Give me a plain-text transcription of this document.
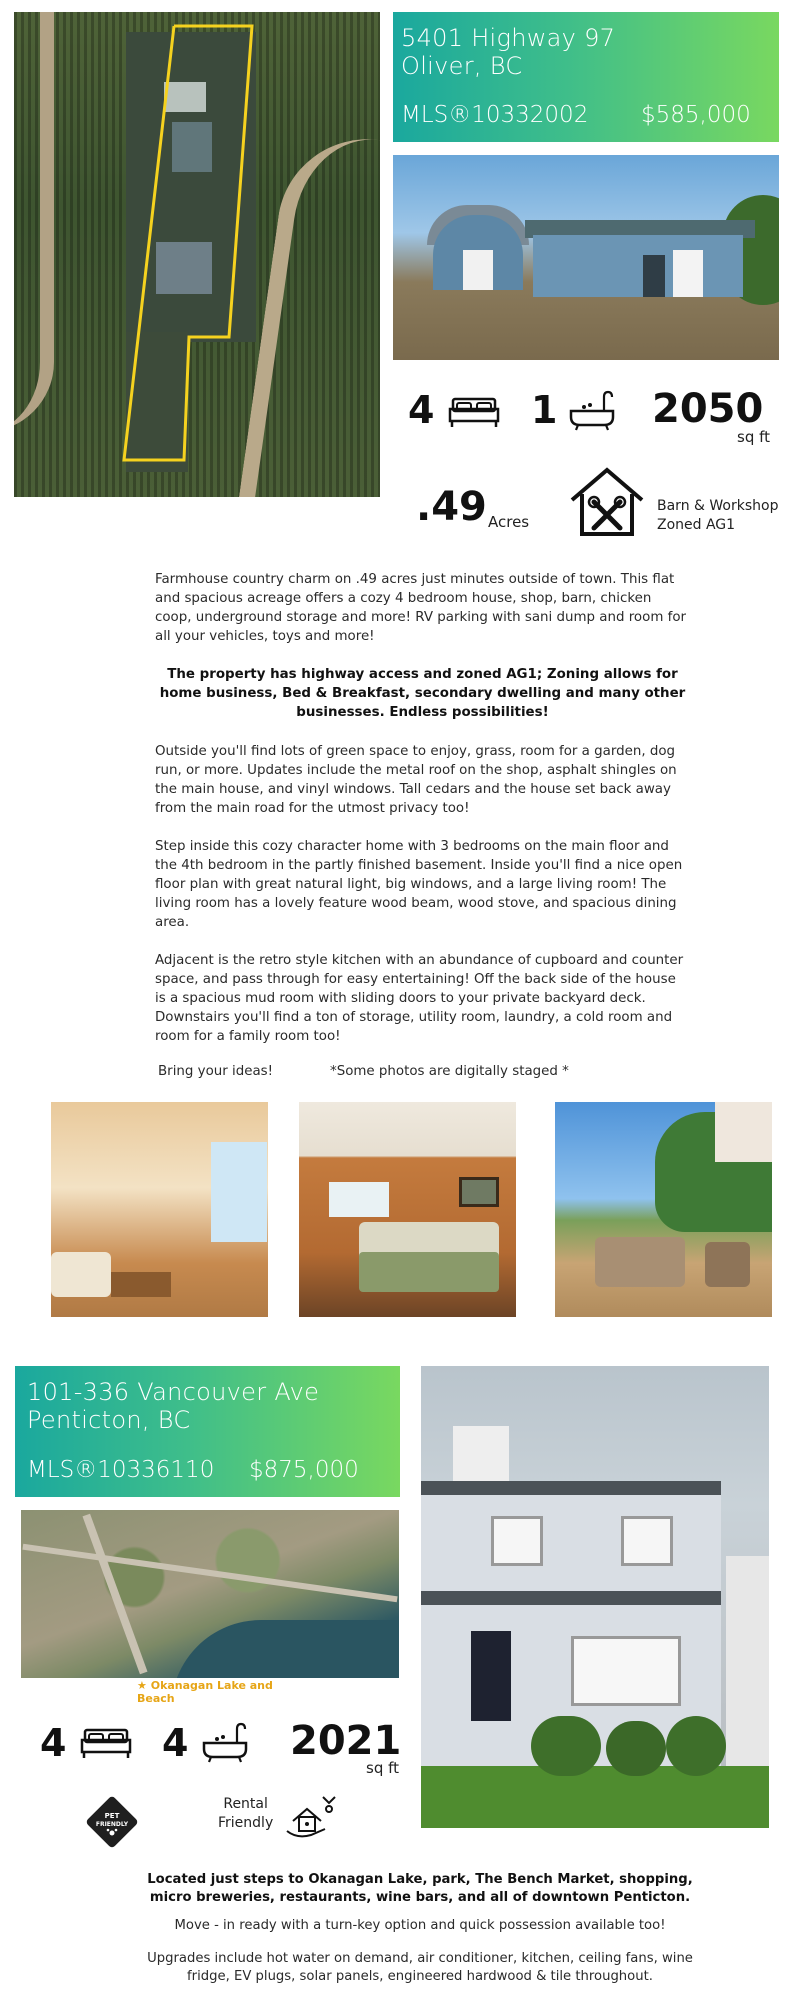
5401 Highway 97
Oliver, BC
MLS®10332002 $585,000
4	1 2050
sq ft
.49 Acres
Barn & Workshop
Zoned AG1
Farmhouse country charm on .49 acres just minutes outside of town. This flat and spacious acreage offers a cozy 4 bedroom house, shop, barn, chicken coop, underground storage and more! RV parking with sani dump and room for all your vehicles, toys and more!
The property has highway access and zoned AG1; Zoning allows for home business, Bed & Breakfast, secondary dwelling and many other businesses. Endless possibilities!
Outside you'll find lots of green space to enjoy, grass, room for a garden, dog run, or more. Updates include the metal roof on the shop, asphalt shingles on the main house, and vinyl windows. Tall cedars and the house set back away from the main road for the utmost privacy too!
Step inside this cozy character home with 3 bedrooms on the main floor and the 4th bedroom in the partly finished basement. Inside you'll find a nice open floor plan with great natural light, big windows, and a large living room! The living room has a lovely feature wood beam, wood stove, and spacious dining area.
Adjacent is the retro style kitchen with an abundance of cupboard and counter space, and pass through for easy entertaining! Off the back side of the house is a spacious mud room with sliding doors to your private backyard deck. Downstairs you'll find a ton of storage, utility room, laundry, a cold room and room for a family room too!
Bring your ideas!	*Some photos are digitally staged *
101-336 Vancouver Ave
Penticton, BC
MLS®10336110 $875,000
★ Okanagan Lake and Beach
4	4	2021
sq ft
PET
FRIENDLY
Rental
Friendly
Located just steps to Okanagan Lake, park, The Bench Market, shopping, micro breweries, restaurants, wine bars, and all of downtown Penticton.
Move - in ready with a turn-key option and quick possession available too!
Upgrades include hot water on demand, air conditioner, kitchen, ceiling fans, wine fridge, EV plugs, solar panels, engineered hardwood & tile throughout.
